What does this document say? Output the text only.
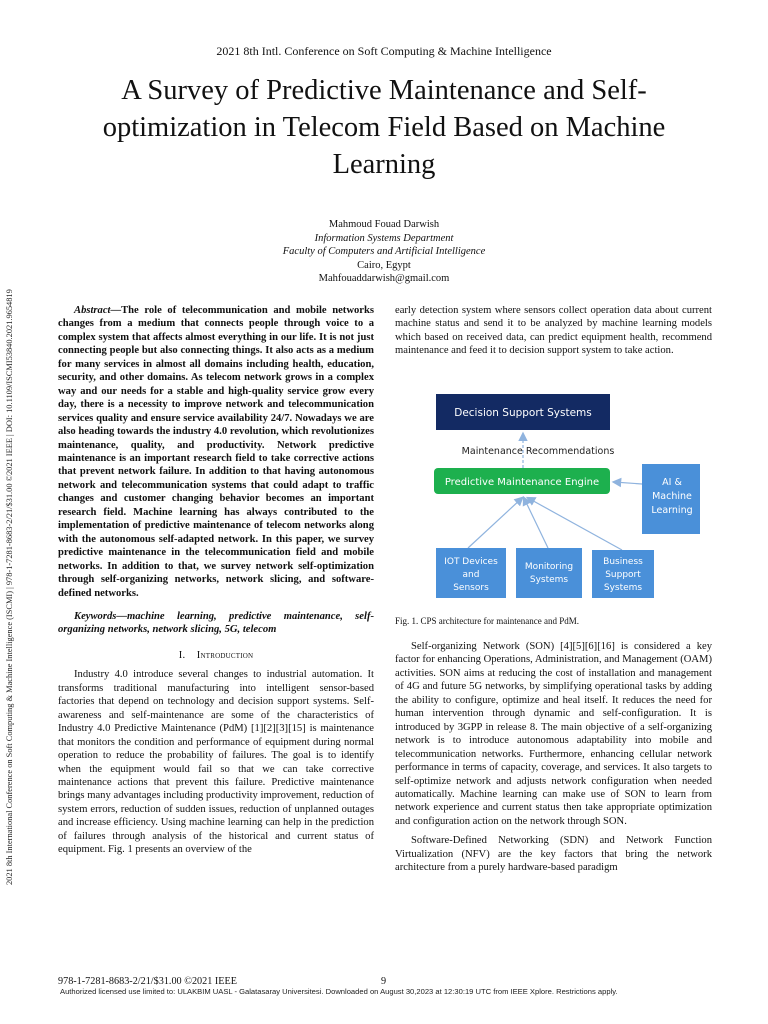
2021 8th International Conference on Soft Computing & Machine Intelligence (ISCMI) | 978-1-7281-8683-2/21/$31.00 ©2021 IEEE | DOI: 10.1109/ISCMI53840.2021.9654819
2021 8th Intl. Conference on Soft Computing & Machine Intelligence
A Survey of Predictive Maintenance and Self-
optimization in Telecom Field Based on Machine
Learning
Mahmoud Fouad Darwish
Information Systems Department
Faculty of Computers and Artificial Intelligence
Cairo, Egypt
Mahfouaddarwish@gmail.com

Abstract—The role of telecommunication and mobile networks changes from a medium that connects people through voice to a complex system that affects almost everything in our life. It is not just connecting people but also connecting things. It also acts as a medium for many services in almost all domains including health, education, security, and other domains. As telecom network grows in a complex way and our needs for a stable and high-quality service grow every day, there is a necessity to improve network and telecommunication services quality and ensure service availability 24/7. Nowadays we are also heading towards the industry 4.0 revolution, which revolutionizes maintenance, quality, and productivity. Network predictive maintenance is an important research field to take corrective actions that prevent network failure. In addition to that having autonomous network and telecommunication systems that could adapt to traffic changes and customer changing behavior becomes an important research field. Machine learning has always contributed to the implementation of predictive maintenance of telecom networks along with the autonomous self-adapted network. In this paper, we survey predictive maintenance in the telecommunication field and mobile networks. In addition to that, we survey network self-optimization through self-organizing networks, network slicing, and software-defined networks.

Keywords—machine learning, predictive maintenance, self-organizing networks, network slicing, 5G, telecom

I. Introduction

Industry 4.0 introduce several changes to industrial automation. It transforms traditional manufacturing into intelligent sensor-based factories that depend on technology and decision support systems. Self-awareness and self-maintenance are some of the characteristics of Industry 4.0 Predictive Maintenance (PdM) [1][2][3][15] is maintenance that monitors the condition and performance of equipment during normal operation to reduce the probability of failures. The goal is to identify when the equipment would fail so that we can take corrective maintenance actions that prevent this failure. Predictive maintenance brings many advantages including productivity improvement, reduction of system errors, reduction of sudden issues, reduction of unplanned outages and increase efficiency. Using machine learning can help in the prediction of failures through analysis of the historical and current status of equipment. Fig. 1 presents an overview of the

early detection system where sensors collect operation data about current machine status and send it to be analyzed by machine learning models which based on received data, can predict equipment health, recommend maintenance and feed it to decision support system to take action.

Decision Support Systems
Maintenance Recommendations
Predictive Maintenance Engine	AI &
Machine
Learning
IOT Devices
and
Sensors
Monitoring
Systems
Business
Support
Systems
Fig. 1. CPS architecture for maintenance and PdM.

Self-organizing Network (SON) [4][5][6][16] is considered a key factor for enhancing Operations, Administration, and Management (OAM) activities. SON aims at reducing the cost of installation and management of 4G and future 5G networks, by simplifying operational tasks by adding the ability to configure, optimize and heal itself. It reduces the need for human intervention through dynamic and self-configuration. It is introduced by 3GPP in release 8. The main objective of a self-organizing network is to introduce autonomous adaptability into mobile and telecommunication networks. Furthermore, enhancing cellular network performance in terms of capacity, coverage, and services. It also targets to self-optimize network and adjusts network configuration when needed automatically. Machine learning can make use of SON to learn from network experience and current status then take appropriate optimization and configuration action on the network through SON.

Software-Defined Networking (SDN) and Network Function Virtualization (NFV) are the key factors that bring the network architecture from a purely hardware-based paradigm

978-1-7281-8683-2/21/$31.00 ©2021 IEEE	9
Authorized licensed use limited to: ULAKBIM UASL - Galatasaray Universitesi. Downloaded on August 30,2023 at 12:30:19 UTC from IEEE Xplore. Restrictions apply.
